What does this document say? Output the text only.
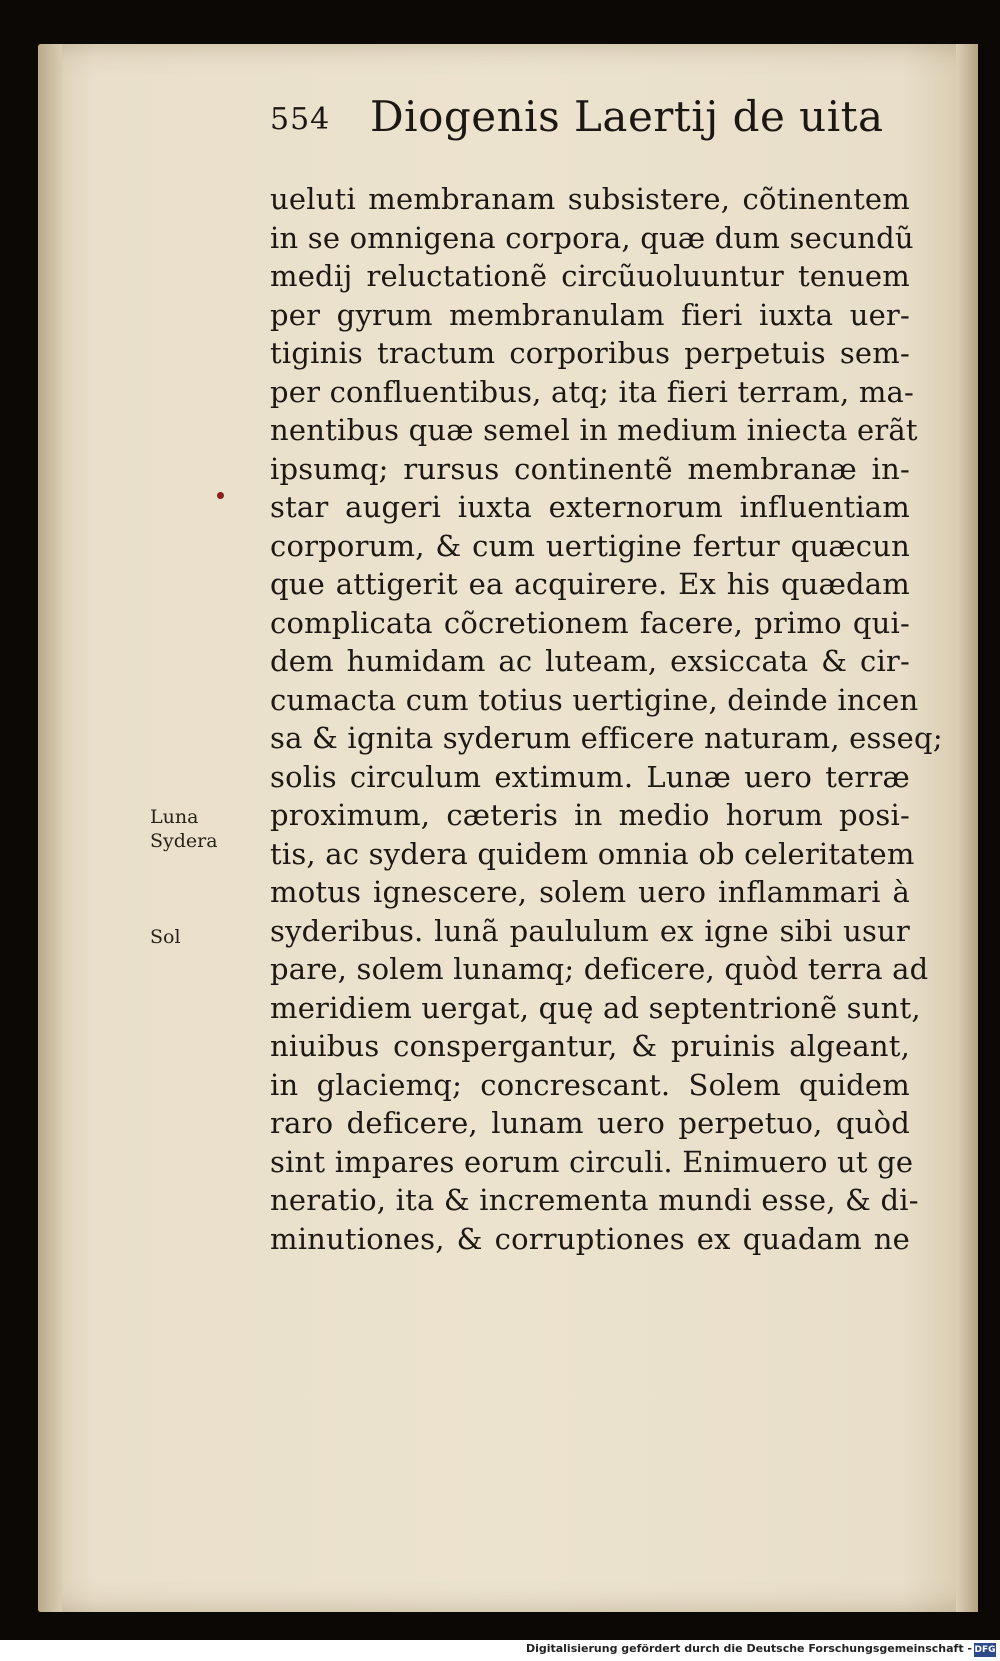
554 Diogenis Laertij de uita
ueluti membranam subsistere, cõtinentem
in se omnigena corpora, quæ dum secundũ
medij reluctationẽ circũuoluuntur tenuem
per gyrum membranulam fieri iuxta uer-
tiginis tractum corporibus perpetuis sem-
per confluentibus, atq; ita fieri terram, ma-
nentibus quæ semel in medium iniecta erãt
ipsumq; rursus continentẽ membranæ in-
star augeri iuxta externorum influentiam
corporum, & cum uertigine fertur quæcun
que attigerit ea acquirere. Ex his quædam
complicata cõcretionem facere, primo qui-
dem humidam ac luteam, exsiccata & cir-
cumacta cum totius uertigine, deinde incen
sa & ignita syderum efficere naturam, esseq;
solis circulum extimum. Lunæ uero terræ
proximum, cæteris in medio horum posi-
tis, ac sydera quidem omnia ob celeritatem
motus ignescere, solem uero inflammari à
syderibus. lunã paululum ex igne sibi usur
pare, solem lunamq; deficere, quòd terra ad
meridiem uergat, quę ad septentrionẽ sunt,
niuibus conspergantur, & pruinis algeant,
in glaciemq; concrescant. Solem quidem
raro deficere, lunam uero perpetuo, quòd
sint impares eorum circuli. Enimuero ut ge
neratio, ita & incrementa mundi esse, & di-
minutiones, & corruptiones ex quadam ne
Luna
Sydera
Sol
Digitalisierung gefördert durch die Deutsche Forschungsgemeinschaft - DFG
